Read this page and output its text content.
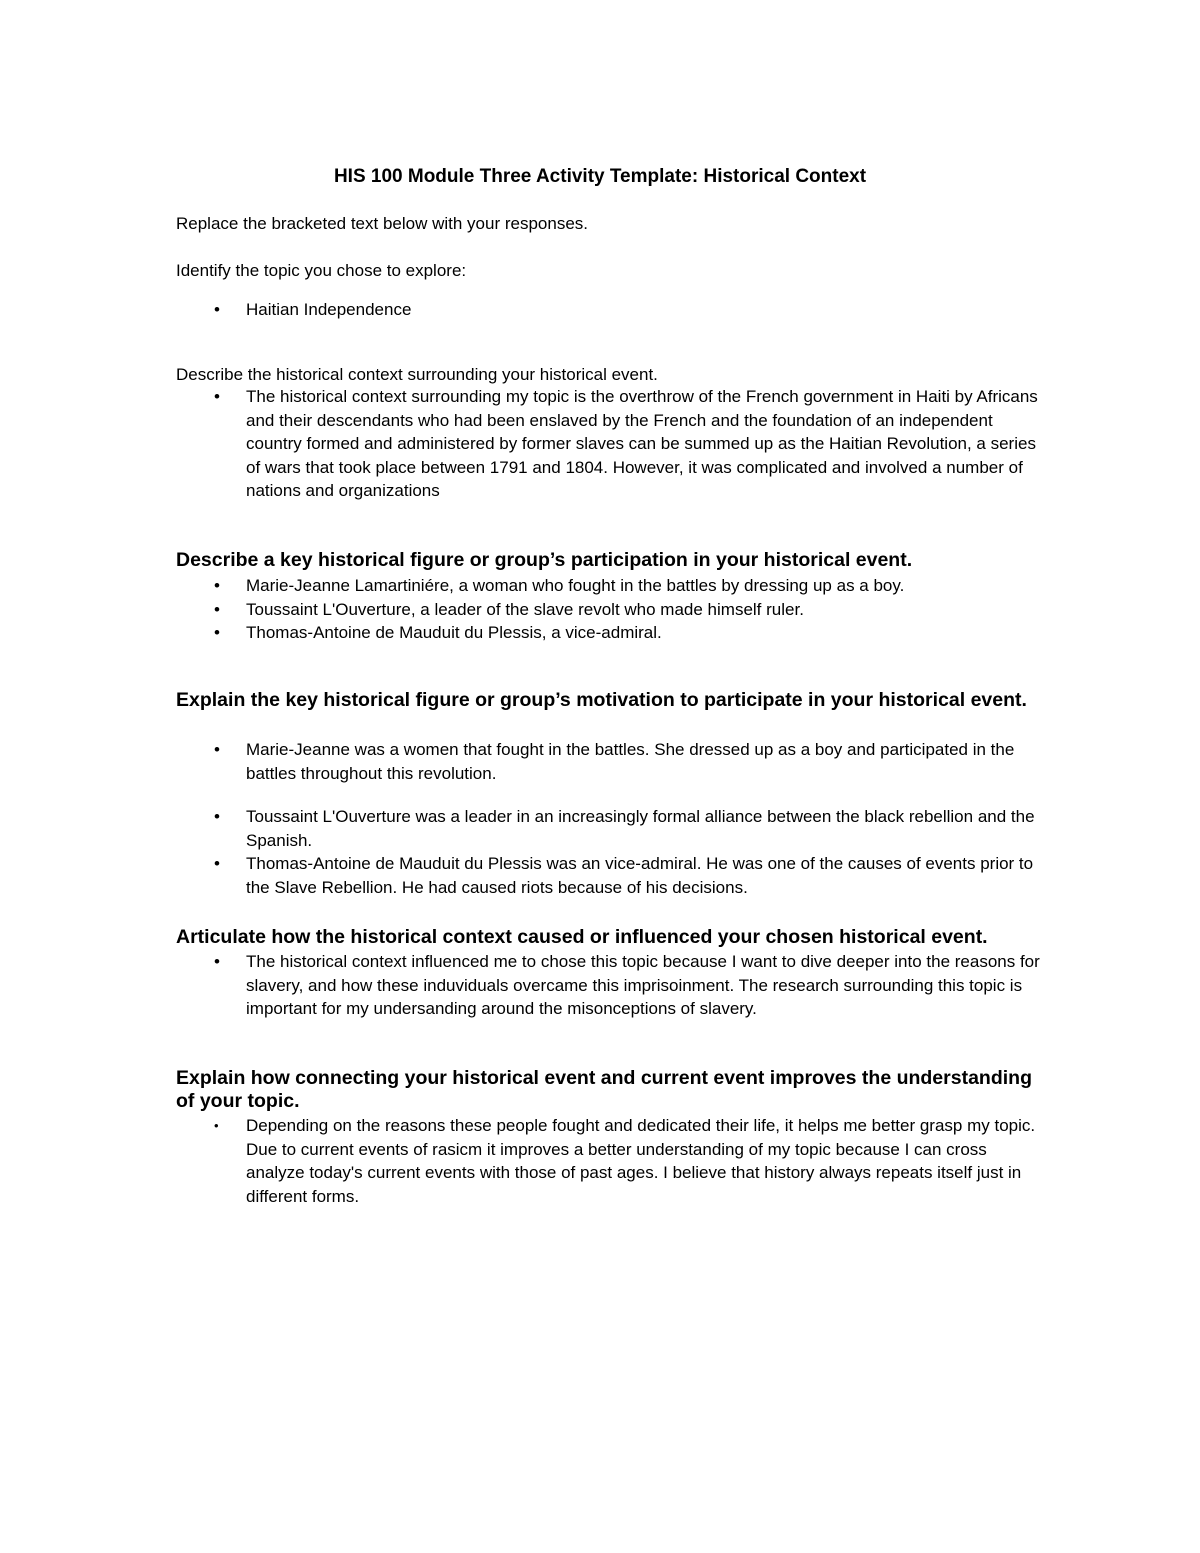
HIS 100 Module Three Activity Template: Historical Context
Replace the bracketed text below with your responses.
Identify the topic you chose to explore:
• Haitian Independence
Describe the historical context surrounding your historical event.
• The historical context surrounding my topic is the overthrow of the French government in Haiti by Africans and their descendants who had been enslaved by the French and the foundation of an independent country formed and administered by former slaves can be summed up as the Haitian Revolution, a series of wars that took place between 1791 and 1804. However, it was complicated and involved a number of nations and organizations
Describe a key historical figure or group’s participation in your historical event.
• Marie-Jeanne Lamartiniére, a woman who fought in the battles by dressing up as a boy.
• Toussaint L'Ouverture, a leader of the slave revolt who made himself ruler.
• Thomas-Antoine de Mauduit du Plessis, a vice-admiral.
Explain the key historical figure or group’s motivation to participate in your historical event.
• Marie-Jeanne was a women that fought in the battles. She dressed up as a boy and participated in the battles throughout this revolution.
• Toussaint L'Ouverture was a leader in an increasingly formal alliance between the black rebellion and the Spanish.
• Thomas-Antoine de Mauduit du Plessis was an vice-admiral. He was one of the causes of events prior to the Slave Rebellion. He had caused riots because of his decisions.
Articulate how the historical context caused or influenced your chosen historical event.
• The historical context influenced me to chose this topic because I want to dive deeper into the reasons for slavery, and how these induviduals overcame this imprisoinment. The research surrounding this topic is important for my undersanding around the misonceptions of slavery.
Explain how connecting your historical event and current event improves the understanding of your topic.
• Depending on the reasons these people fought and dedicated their life, it helps me better grasp my topic. Due to current events of rasicm it improves a better understanding of my topic because I can cross analyze today's current events with those of past ages. I believe that history always repeats itself just in different forms.
